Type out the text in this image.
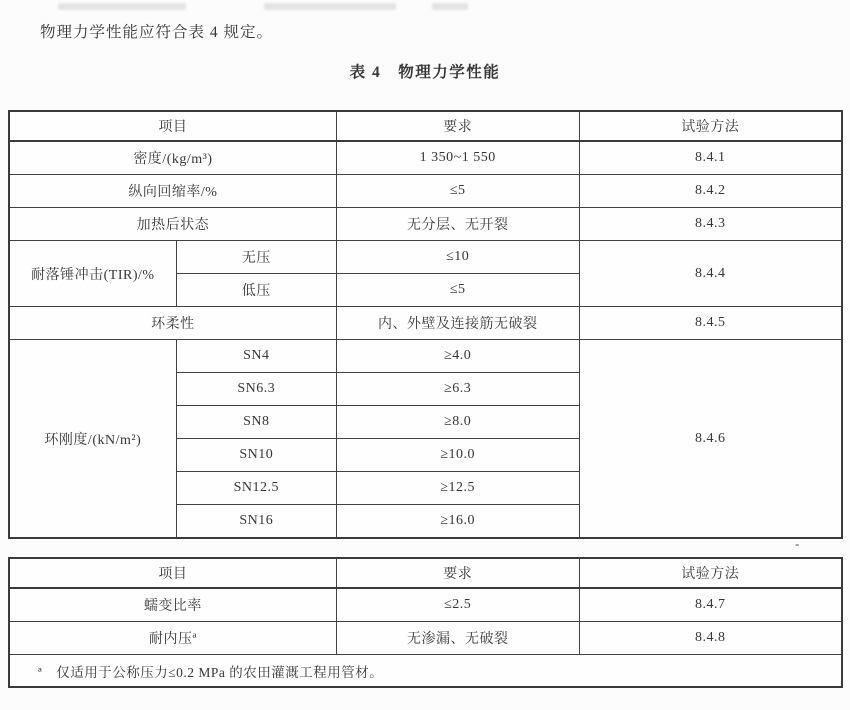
物理力学性能应符合表 4 规定。

表 4　物理力学性能
项目		要求	试验方法
密度/(kg/m³)		1 350~1 550	8.4.1
纵向回缩率/%		≤5	8.4.2
加热后状态		无分层、无开裂	8.4.3
耐落锤冲击(TIR)/%	无压	≤10	8.4.4
	低压	≤5	
环柔性		内、外壁及连接筋无破裂	8.4.5
环刚度/(kN/m²)	SN4	≥4.0	8.4.6
	SN6.3	≥6.3	
	SN8	≥8.0	
	SN10	≥10.0	
	SN12.5	≥12.5	
	SN16	≥16.0	
-
项目	要求	试验方法
蠕变比率	≤2.5	8.4.7
耐内压ª	无渗漏、无破裂	8.4.8
ª　仅适用于公称压力≤0.2 MPa 的农田灌溉工程用管材。		
